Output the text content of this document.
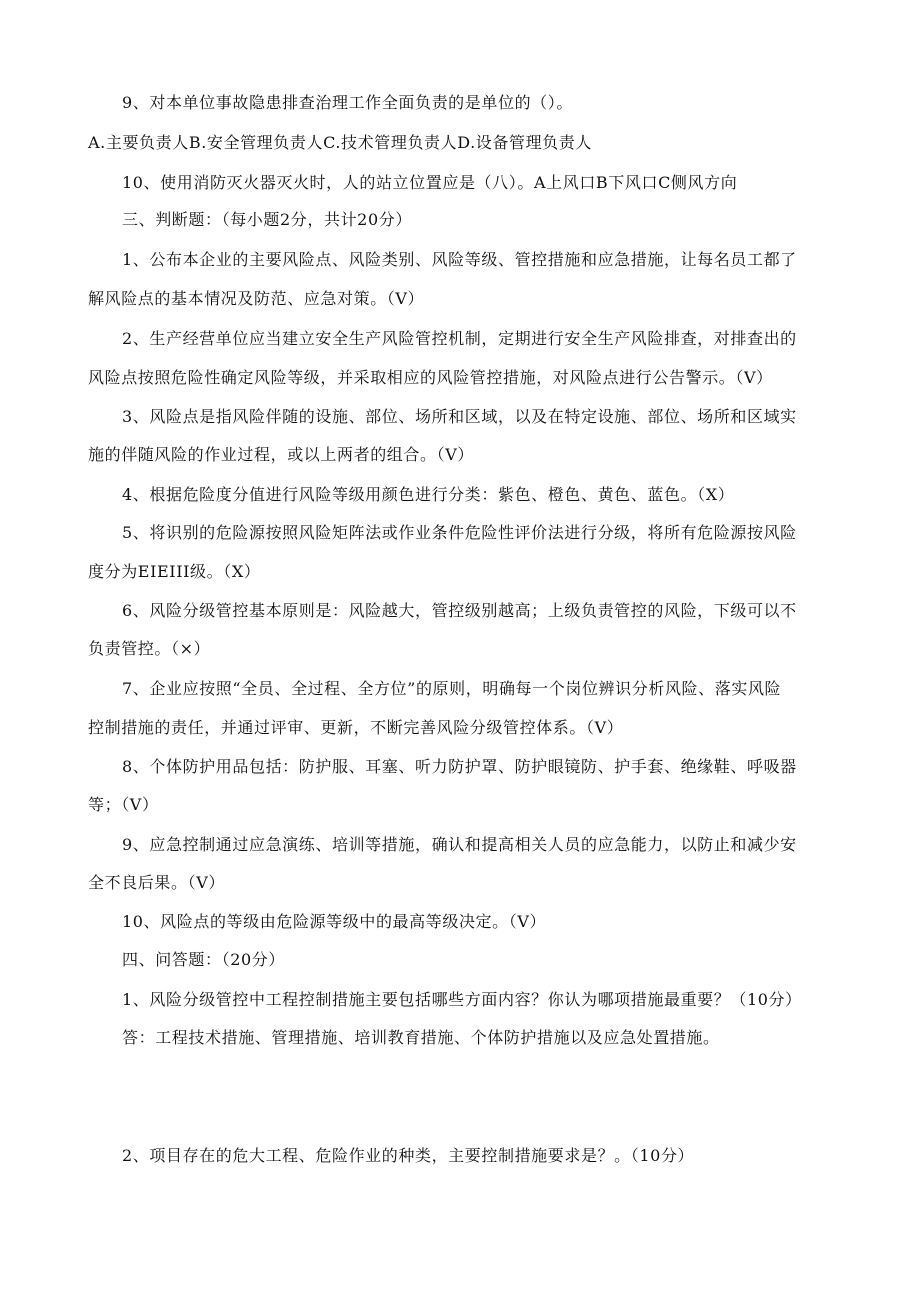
9、对本单位事故隐患排查治理工作全面负责的是单位的（）。
A.主要负责人B.安全管理负责人C.技术管理负责人D.设备管理负责人
10、使用消防灭火器灭火时，人的站立位置应是（八）。A上风口B下风口C侧风方向
三、判断题：（每小题2分，共计20分）
1、公布本企业的主要风险点、风险类别、风险等级、管控措施和应急措施，让每名员工都了
解风险点的基本情况及防范、应急对策。（V）
2、生产经营单位应当建立安全生产风险管控机制，定期进行安全生产风险排查，对排查出的
风险点按照危险性确定风险等级，并采取相应的风险管控措施，对风险点进行公告警示。（V）
3、风险点是指风险伴随的设施、部位、场所和区域，以及在特定设施、部位、场所和区域实
施的伴随风险的作业过程，或以上两者的组合。（V）
4、根据危险度分值进行风险等级用颜色进行分类：紫色、橙色、黄色、蓝色。（X）
5、将识别的危险源按照风险矩阵法或作业条件危险性评价法进行分级，将所有危险源按风险
度分为EIEIII级。（X）
6、风险分级管控基本原则是：风险越大，管控级别越高；上级负责管控的风险，下级可以不
负责管控。（×）
7、企业应按照“全员、全过程、全方位”的原则，明确每一个岗位辨识分析风险、落实风险
控制措施的责任，并通过评审、更新，不断完善风险分级管控体系。（V）
8、个体防护用品包括：防护服、耳塞、听力防护罩、防护眼镜防、护手套、绝缘鞋、呼吸器
等；（V）
9、应急控制通过应急演练、培训等措施，确认和提高相关人员的应急能力，以防止和减少安
全不良后果。（V）
10、风险点的等级由危险源等级中的最高等级决定。（V）
四、问答题：（20分）
1、风险分级管控中工程控制措施主要包括哪些方面内容？你认为哪项措施最重要？（10分）
答：工程技术措施、管理措施、培训教育措施、个体防护措施以及应急处置措施。
2、项目存在的危大工程、危险作业的种类，主要控制措施要求是？。（10分）
